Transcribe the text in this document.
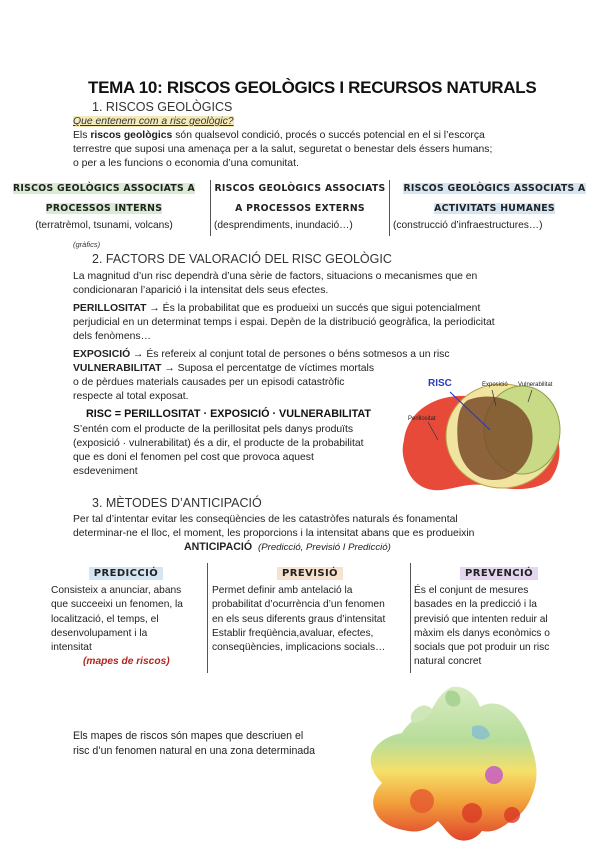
TEMA 10: RISCOS GEOLÒGICS I RECURSOS NATURALS
1. RISCOS GEOLÒGICS
Que entenem com a risc geològic?
Els riscos geològics són qualsevol condició, procés o succés potencial en el si l’escorça
terrestre que suposi una amenaça per a la salut, seguretat o benestar dels éssers humans;
o per a les funcions o economia d’una comunitat.
RISCOS GEOLÒGICS ASSOCIATS A
PROCESSOS INTERNS
(terratrèmol, tsunami, volcans)
RISCOS GEOLÒGICS ASSOCIATS
A PROCESSOS EXTERNS
(desprendiments, inundació…)
RISCOS GEOLÒGICS ASSOCIATS A
ACTIVITATS HUMANES
(construcció d’infraestructures…)
(gràfics)
2. FACTORS DE VALORACIÓ DEL RISC GEOLÒGIC
La magnitud d’un risc dependrà d’una sèrie de factors, situacions o mecanismes que en
condicionaran l’aparició i la intensitat dels seus efectes.
PERILLOSITAT → És la probabilitat que es produeixi un succés que sigui potencialment
perjudicial en un determinat temps i espai. Depèn de la distribució geogràfica, la periodicitat
dels fenòmens…
EXPOSICIÓ → És refereix al conjunt total de persones o béns sotmesos a un risc
VULNERABILITAT → Suposa el percentatge de víctimes mortals
o de pèrdues materials causades per un episodi catastròfic
respecte al total exposat.
RISC = PERILLOSITAT · EXPOSICIÓ · VULNERABILITAT
S’entén com el producte de la perillositat pels danys produïts
(exposició · vulnerabilitat) és a dir, el producte de la probabilitat
que es doni el fenomen pel cost que provoca aquest
esdeveniment
RISC	Exposició Vulnerabilitat
Perillositat
3. MÈTODES D’ANTICIPACIÓ
Per tal d’intentar evitar les conseqüències de les catastròfes naturals és fonamental
determinar-ne el lloc, el moment, les proporcions i la intensitat abans que es produeixin
ANTICIPACIÓ (Predicció, Previsió I Predicció)
PREDICCIÓ
Consisteix a anunciar, abans
que succeeixi un fenomen, la
localització, el temps, el
desenvolupament i la
intensitat
(mapes de riscos)
PREVISIÓ
Permet definir amb antelació la
probabilitat d’ocurrència d’un fenomen
en els seus diferents graus d’intensitat
Establir freqüència,avaluar, efectes,
conseqüències, implicacions socials…
PREVENCIÓ
És el conjunt de mesures
basades en la predicció i la
previsió que intenten reduir al
màxim els danys econòmics o
socials que pot produir un risc
natural concret
Els mapes de riscos són mapes que descriuen el
risc d’un fenomen natural en una zona determinada
